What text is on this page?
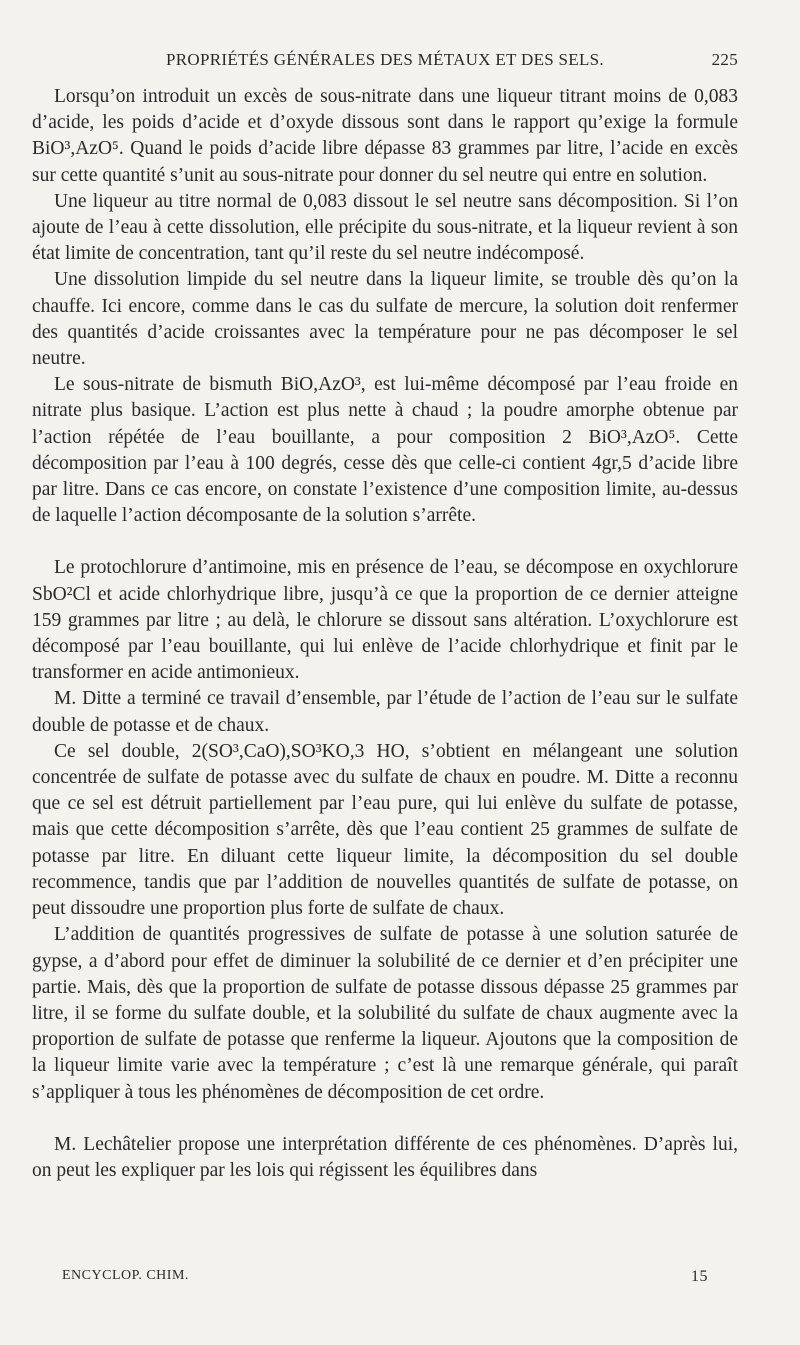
PROPRIÉTÉS GÉNÉRALES DES MÉTAUX ET DES SELS.	225

Lorsqu’on introduit un excès de sous-nitrate dans une liqueur titrant moins de 0,083 d’acide, les poids d’acide et d’oxyde dissous sont dans le rapport qu’exige la formule BiO³,AzO⁵. Quand le poids d’acide libre dépasse 83 grammes par litre, l’acide en excès sur cette quantité s’unit au sous-nitrate pour donner du sel neutre qui entre en solution.

Une liqueur au titre normal de 0,083 dissout le sel neutre sans décomposition. Si l’on ajoute de l’eau à cette dissolution, elle précipite du sous-nitrate, et la liqueur revient à son état limite de concentration, tant qu’il reste du sel neutre indécomposé.

Une dissolution limpide du sel neutre dans la liqueur limite, se trouble dès qu’on la chauffe. Ici encore, comme dans le cas du sulfate de mercure, la solution doit renfermer des quantités d’acide croissantes avec la température pour ne pas décomposer le sel neutre.

Le sous-nitrate de bismuth BiO,AzO³, est lui-même décomposé par l’eau froide en nitrate plus basique. L’action est plus nette à chaud ; la poudre amorphe obtenue par l’action répétée de l’eau bouillante, a pour composition 2 BiO³,AzO⁵. Cette décomposition par l’eau à 100 degrés, cesse dès que celle-ci contient 4gr,5 d’acide libre par litre. Dans ce cas encore, on constate l’existence d’une composition limite, au-dessus de laquelle l’action décomposante de la solution s’arrête.

Le protochlorure d’antimoine, mis en présence de l’eau, se décompose en oxychlorure SbO²Cl et acide chlorhydrique libre, jusqu’à ce que la proportion de ce dernier atteigne 159 grammes par litre ; au delà, le chlorure se dissout sans altération. L’oxychlorure est décomposé par l’eau bouillante, qui lui enlève de l’acide chlorhydrique et finit par le transformer en acide antimonieux.

M. Ditte a terminé ce travail d’ensemble, par l’étude de l’action de l’eau sur le sulfate double de potasse et de chaux.

Ce sel double, 2(SO³,CaO),SO³KO,3 HO, s’obtient en mélangeant une solution concentrée de sulfate de potasse avec du sulfate de chaux en poudre. M. Ditte a reconnu que ce sel est détruit partiellement par l’eau pure, qui lui enlève du sulfate de potasse, mais que cette décomposition s’arrête, dès que l’eau contient 25 grammes de sulfate de potasse par litre. En diluant cette liqueur limite, la décomposition du sel double recommence, tandis que par l’addition de nouvelles quantités de sulfate de potasse, on peut dissoudre une proportion plus forte de sulfate de chaux.

L’addition de quantités progressives de sulfate de potasse à une solution saturée de gypse, a d’abord pour effet de diminuer la solubilité de ce dernier et d’en précipiter une partie. Mais, dès que la proportion de sulfate de potasse dissous dépasse 25 grammes par litre, il se forme du sulfate double, et la solubilité du sulfate de chaux augmente avec la proportion de sulfate de potasse que renferme la liqueur. Ajoutons que la composition de la liqueur limite varie avec la température ; c’est là une remarque générale, qui paraît s’appliquer à tous les phénomènes de décomposition de cet ordre.

M. Lechâtelier propose une interprétation différente de ces phénomènes. D’après lui, on peut les expliquer par les lois qui régissent les équilibres dans

ENCYCLOP. CHIM.	15
